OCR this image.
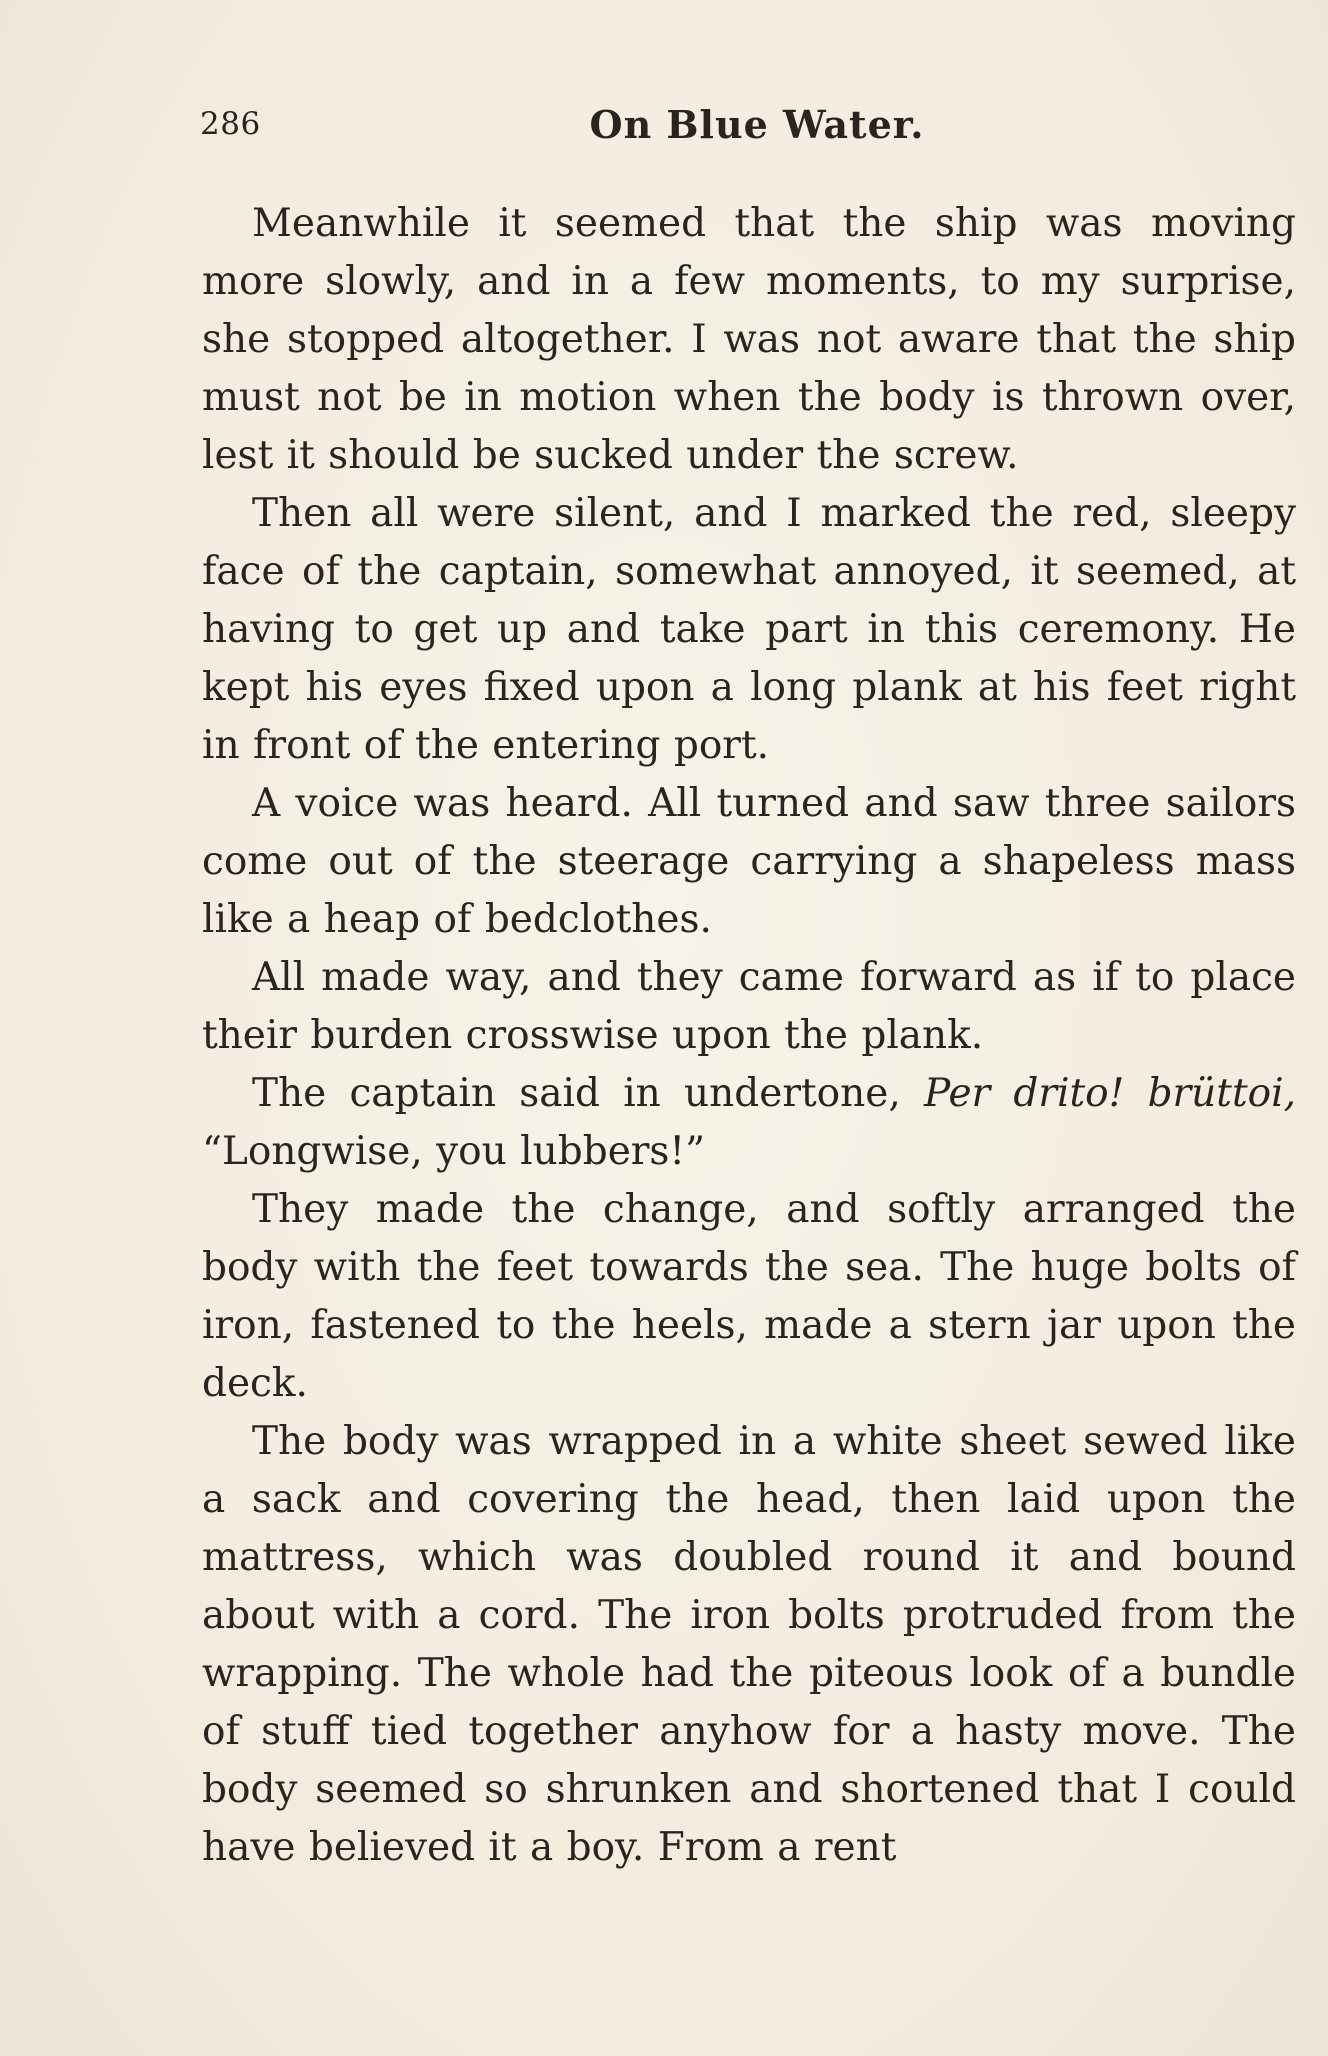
286	On Blue Water.

Meanwhile it seemed that the ship was moving more slowly, and in a few moments, to my surprise, she stopped altogether. I was not aware that the ship must not be in motion when the body is thrown over, lest it should be sucked under the screw.

Then all were silent, and I marked the red, sleepy face of the captain, somewhat annoyed, it seemed, at having to get up and take part in this ceremony. He kept his eyes fixed upon a long plank at his feet right in front of the entering port.

A voice was heard. All turned and saw three sailors come out of the steerage carrying a shapeless mass like a heap of bedclothes.

All made way, and they came forward as if to place their burden crosswise upon the plank.

The captain said in undertone, Per drito! brüttoi, “Longwise, you lubbers!”

They made the change, and softly arranged the body with the feet towards the sea. The huge bolts of iron, fastened to the heels, made a stern jar upon the deck.

The body was wrapped in a white sheet sewed like a sack and covering the head, then laid upon the mattress, which was doubled round it and bound about with a cord. The iron bolts protruded from the wrapping. The whole had the piteous look of a bundle of stuff tied together anyhow for a hasty move. The body seemed so shrunken and shortened that I could have believed it a boy. From a rent
